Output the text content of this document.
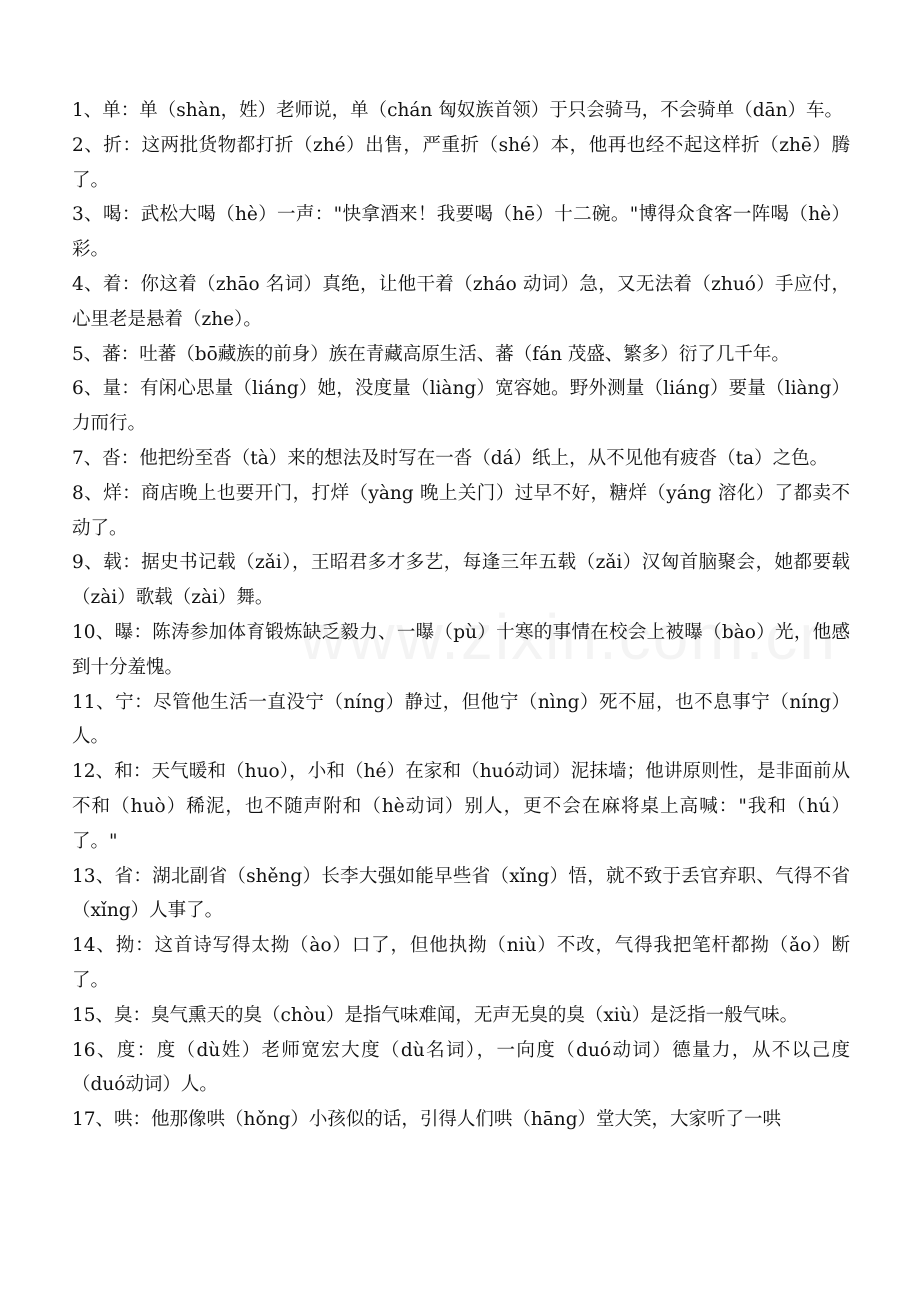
1、单：单（shàn，姓）老师说，单（chán 匈奴族首领）于只会骑马，不会骑单（dān）车。

2、折：这两批货物都打折（zhé）出售，严重折（shé）本，他再也经不起这样折（zhē）腾了。

3、喝：武松大喝（hè）一声："快拿酒来！我要喝（hē）十二碗。"博得众食客一阵喝（hè）彩。

4、着：你这着（zhāo 名词）真绝，让他干着（zháo 动词）急，又无法着（zhuó）手应付，心里老是悬着（zhe）。

5、蕃：吐蕃（bō藏族的前身）族在青藏高原生活、蕃（fán 茂盛、繁多）衍了几千年。

6、量：有闲心思量（liáng）她，没度量（liàng）宽容她。野外测量（liáng）要量（liàng）力而行。

7、沓：他把纷至沓（tà）来的想法及时写在一沓（dá）纸上，从不见他有疲沓（ta）之色。

8、烊：商店晚上也要开门，打烊（yàng 晚上关门）过早不好，糖烊（yáng 溶化）了都卖不动了。

9、载：据史书记载（zǎi），王昭君多才多艺，每逢三年五载（zǎi）汉匈首脑聚会，她都要载（zài）歌载（zài）舞。

10、曝：陈涛参加体育锻炼缺乏毅力、一曝（pù）十寒的事情在校会上被曝（bào）光，他感到十分羞愧。

11、宁：尽管他生活一直没宁（níng）静过，但他宁（nìng）死不屈，也不息事宁（níng）人。

12、和：天气暖和（huo），小和（hé）在家和（huó动词）泥抹墙；他讲原则性，是非面前从不和（huò）稀泥，也不随声附和（hè动词）别人，更不会在麻将桌上高喊："我和（hú）了。"

13、省：湖北副省（shěng）长李大强如能早些省（xǐng）悟，就不致于丢官弃职、气得不省（xǐng）人事了。

14、拗：这首诗写得太拗（ào）口了，但他执拗（niù）不改，气得我把笔杆都拗（ǎo）断了。

15、臭：臭气熏天的臭（chòu）是指气味难闻，无声无臭的臭（xiù）是泛指一般气味。

16、度：度（dù姓）老师宽宏大度（dù名词），一向度（duó动词）德量力，从不以己度（duó动词）人。

17、哄：他那像哄（hǒng）小孩似的话，引得人们哄（hāng）堂大笑，大家听了一哄
